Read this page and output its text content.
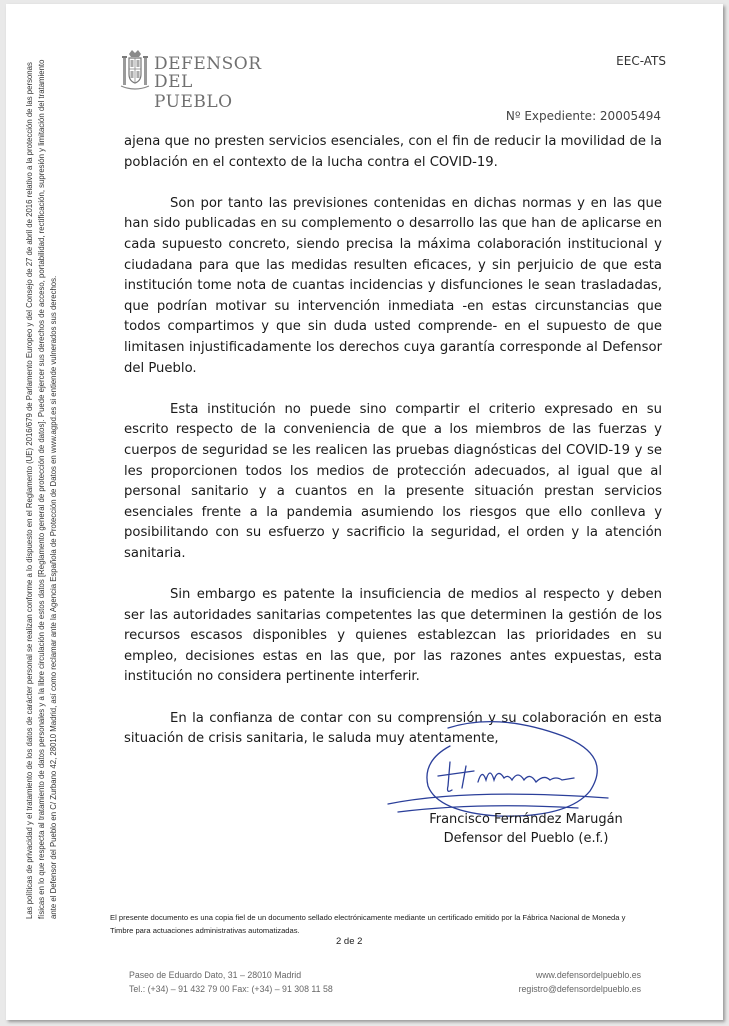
DEFENSOR
DEL PUEBLO
EEC-ATS
Nº Expediente: 20005494
Las políticas de privacidad y el tratamiento de los datos de carácter personal se realizan conforme a lo dispuesto en el Reglamento (UE) 2016/679 de Parlamento Europeo y del Consejo de 27 de abril de 2016 relativo a la protección de las personas físicas en lo que respecta al tratamiento de datos personales y a la libre circulación de estos datos [Reglamento general de protección de datos]. Puede ejercer sus derechos de acceso, portabilidad, rectificación, supresión y limitación del tratamiento ante el Defensor del Pueblo en C/ Zurbano 42, 28010 Madrid, así como reclamar ante la Agencia Española de Protección de Datos en www.agpd.es si entiende vulnerados sus derechos.

ajena que no presten servicios esenciales, con el fin de reducir la movilidad de la población en el contexto de la lucha contra el COVID-19.

Son por tanto las previsiones contenidas en dichas normas y en las que han sido publicadas en su complemento o desarrollo las que han de aplicarse en cada supuesto concreto, siendo precisa la máxima colaboración institucional y ciudadana para que las medidas resulten eficaces, y sin perjuicio de que esta institución tome nota de cuantas incidencias y disfunciones le sean trasladadas, que podrían motivar su intervención inmediata -en estas circunstancias que todos compartimos y que sin duda usted comprende- en el supuesto de que limitasen injustificadamente los derechos cuya garantía corresponde al Defensor del Pueblo.

Esta institución no puede sino compartir el criterio expresado en su escrito respecto de la conveniencia de que a los miembros de las fuerzas y cuerpos de seguridad se les realicen las pruebas diagnósticas del COVID-19 y se les proporcionen todos los medios de protección adecuados, al igual que al personal sanitario y a cuantos en la presente situación prestan servicios esenciales frente a la pandemia asumiendo los riesgos que ello conlleva y posibilitando con su esfuerzo y sacrificio la seguridad, el orden y la atención sanitaria.

Sin embargo es patente la insuficiencia de medios al respecto y deben ser las autoridades sanitarias competentes las que determinen la gestión de los recursos escasos disponibles y quienes establezcan las prioridades en su empleo, decisiones estas en las que, por las razones antes expuestas, esta institución no considera pertinente interferir.

En la confianza de contar con su comprensión y su colaboración en esta situación de crisis sanitaria, le saluda muy atentamente,

Francisco Fernández Marugán
Defensor del Pueblo (e.f.)
El presente documento es una copia fiel de un documento sellado electrónicamente mediante un certificado emitido por la Fábrica Nacional de Moneda y Timbre para actuaciones administrativas automatizadas.
2 de 2
Paseo de Eduardo Dato, 31 – 28010 Madrid
Tel.: (+34) – 91 432 79 00 Fax: (+34) – 91 308 11 58
www.defensordelpueblo.es
registro@defensordelpueblo.es
